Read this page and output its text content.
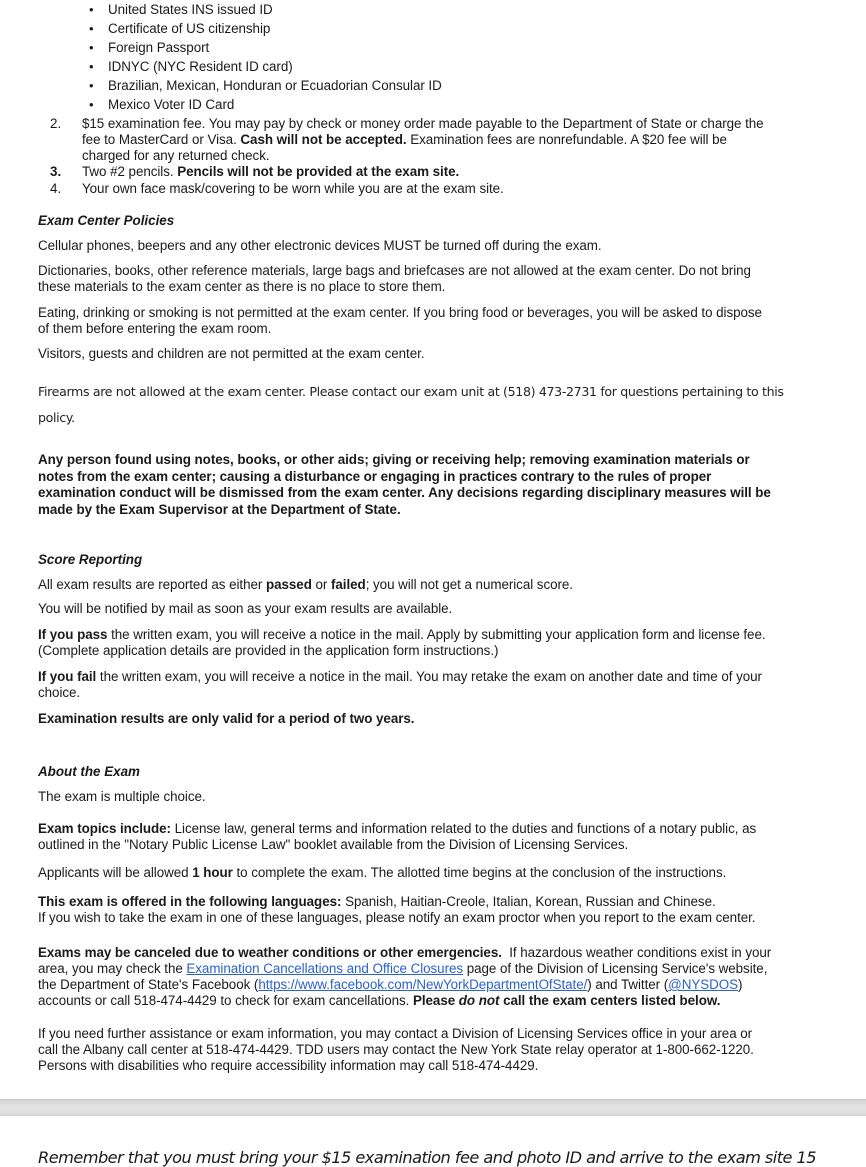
• United States INS issued ID
• Certificate of US citizenship
• Foreign Passport
• IDNYC (NYC Resident ID card)
• Brazilian, Mexican, Honduran or Ecuadorian Consular ID
• Mexico Voter ID Card
2. $15 examination fee. You may pay by check or money order made payable to the Department of State or charge the
fee to MasterCard or Visa. Cash will not be accepted. Examination fees are nonrefundable. A $20 fee will be
charged for any returned check.
3. Two #2 pencils. Pencils will not be provided at the exam site.
4. Your own face mask/covering to be worn while you are at the exam site.
Exam Center Policies
Cellular phones, beepers and any other electronic devices MUST be turned off during the exam.
Dictionaries, books, other reference materials, large bags and briefcases are not allowed at the exam center. Do not bring
these materials to the exam center as there is no place to store them.
Eating, drinking or smoking is not permitted at the exam center. If you bring food or beverages, you will be asked to dispose
of them before entering the exam room.
Visitors, guests and children are not permitted at the exam center.
Firearms are not allowed at the exam center. Please contact our exam unit at (518) 473-2731 for questions pertaining to this
policy.
Any person found using notes, books, or other aids; giving or receiving help; removing examination materials or
notes from the exam center; causing a disturbance or engaging in practices contrary to the rules of proper
examination conduct will be dismissed from the exam center. Any decisions regarding disciplinary measures will be
made by the Exam Supervisor at the Department of State.
Score Reporting
All exam results are reported as either passed or failed; you will not get a numerical score.
You will be notified by mail as soon as your exam results are available.
If you pass the written exam, you will receive a notice in the mail. Apply by submitting your application form and license fee.
(Complete application details are provided in the application form instructions.)
If you fail the written exam, you will receive a notice in the mail. You may retake the exam on another date and time of your
choice.
Examination results are only valid for a period of two years.
About the Exam
The exam is multiple choice.
Exam topics include: License law, general terms and information related to the duties and functions of a notary public, as
outlined in the "Notary Public License Law" booklet available from the Division of Licensing Services.
Applicants will be allowed 1 hour to complete the exam. The allotted time begins at the conclusion of the instructions.
This exam is offered in the following languages: Spanish, Haitian-Creole, Italian, Korean, Russian and Chinese.
If you wish to take the exam in one of these languages, please notify an exam proctor when you report to the exam center.
Exams may be canceled due to weather conditions or other emergencies.  If hazardous weather conditions exist in your
area, you may check the Examination Cancellations and Office Closures page of the Division of Licensing Service's website,
the Department of State's Facebook (https://www.facebook.com/NewYorkDepartmentOfState/) and Twitter (@NYSDOS)
accounts or call 518-474-4429 to check for exam cancellations. Please do not call the exam centers listed below.
If you need further assistance or exam information, you may contact a Division of Licensing Services office in your area or
call the Albany call center at 518-474-4429. TDD users may contact the New York State relay operator at 1-800-662-1220.
Persons with disabilities who require accessibility information may call 518-474-4429.
Remember that you must bring your $15 examination fee and photo ID and arrive to the exam site 15
